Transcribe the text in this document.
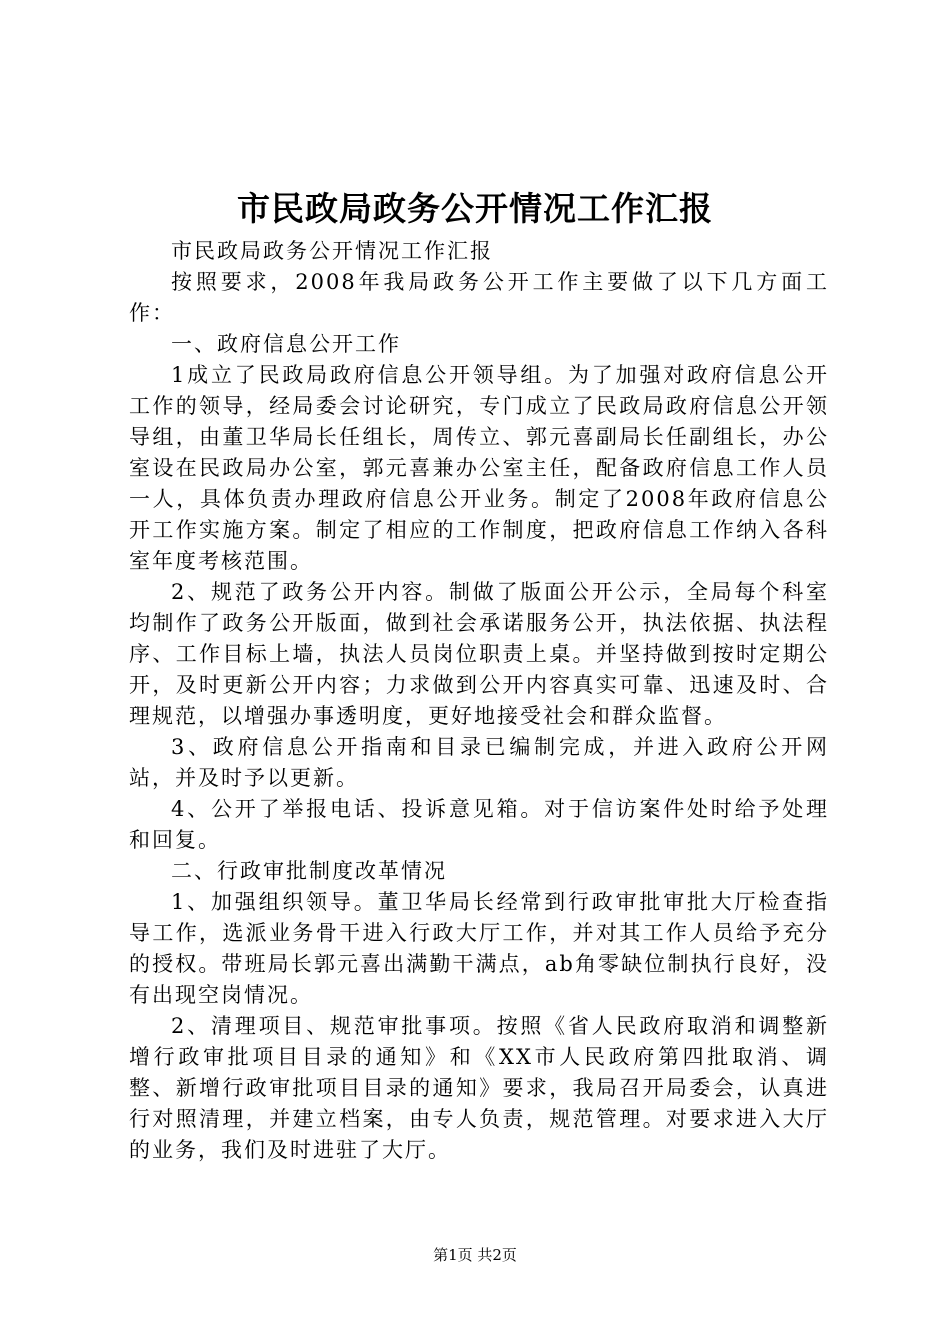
市民政局政务公开情况工作汇报

市民政局政务公开情况工作汇报

按照要求，2008年我局政务公开工作主要做了以下几方面工作：

一、政府信息公开工作

1成立了民政局政府信息公开领导组。为了加强对政府信息公开工作的领导，经局委会讨论研究，专门成立了民政局政府信息公开领导组，由董卫华局长任组长，周传立、郭元喜副局长任副组长，办公室设在民政局办公室，郭元喜兼办公室主任，配备政府信息工作人员一人，具体负责办理政府信息公开业务。制定了2008年政府信息公开工作实施方案。制定了相应的工作制度，把政府信息工作纳入各科室年度考核范围。

2、规范了政务公开内容。制做了版面公开公示，全局每个科室均制作了政务公开版面，做到社会承诺服务公开，执法依据、执法程序、工作目标上墙，执法人员岗位职责上桌。并坚持做到按时定期公开，及时更新公开内容；力求做到公开内容真实可靠、迅速及时、合理规范，以增强办事透明度，更好地接受社会和群众监督。

3、政府信息公开指南和目录已编制完成，并进入政府公开网站，并及时予以更新。

4、公开了举报电话、投诉意见箱。对于信访案件处时给予处理和回复。

二、行政审批制度改革情况

1、加强组织领导。董卫华局长经常到行政审批审批大厅检查指导工作，选派业务骨干进入行政大厅工作，并对其工作人员给予充分的授权。带班局长郭元喜出满勤干满点，ab角零缺位制执行良好，没有出现空岗情况。

2、清理项目、规范审批事项。按照《省人民政府取消和调整新增行政审批项目目录的通知》和《XX市人民政府第四批取消、调整、新增行政审批项目目录的通知》要求，我局召开局委会，认真进行对照清理，并建立档案，由专人负责，规范管理。对要求进入大厅的业务，我们及时进驻了大厅。

第1页 共2页
